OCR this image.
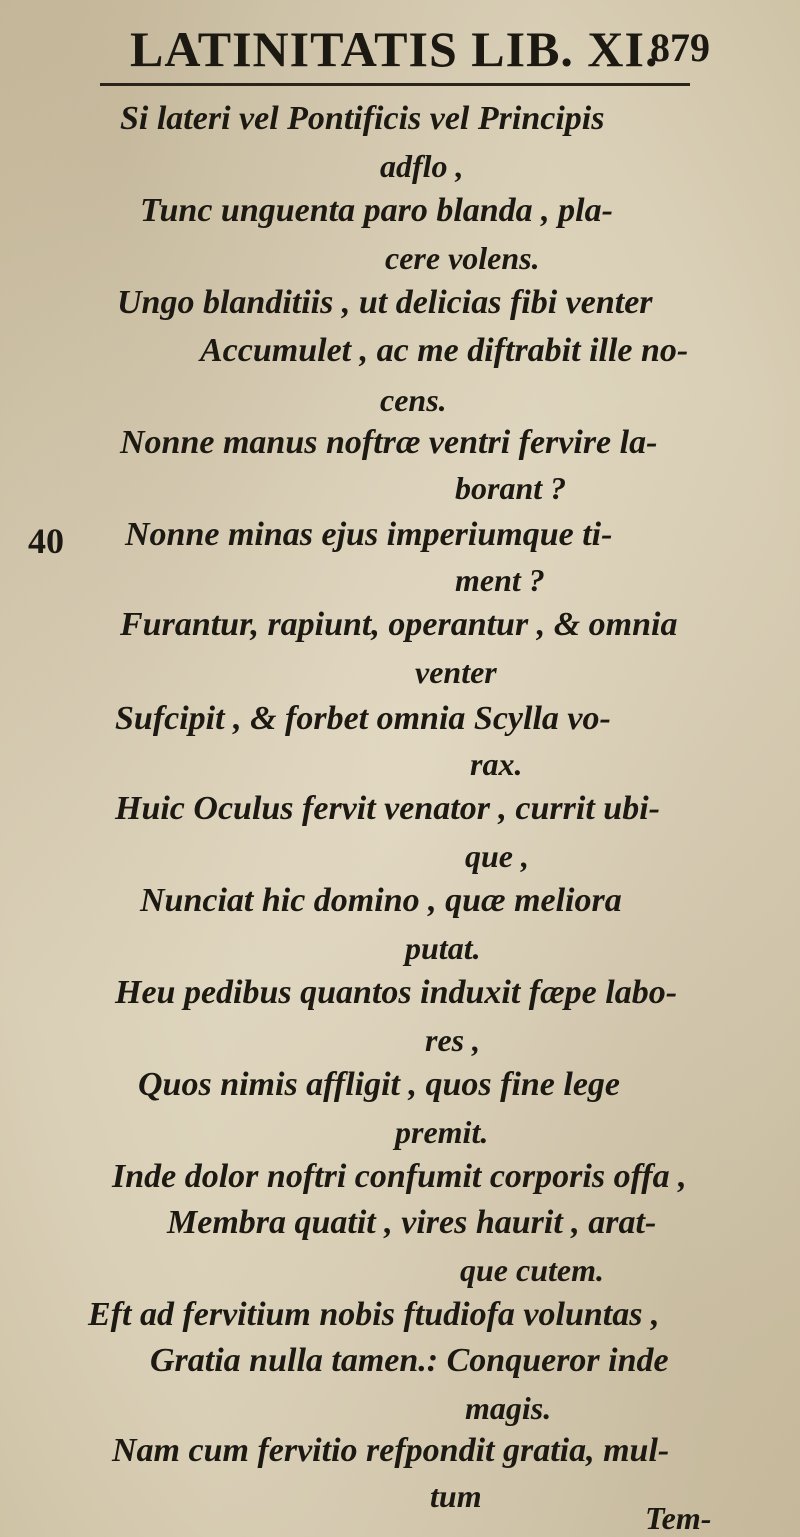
LATINITATIS LIB. XI.
879
40
Si lateri vel Pontificis vel Principis
adflo ,
Tunc unguenta paro blanda , pla-
cere volens.
Ungo blanditiis , ut delicias fibi venter
Accumulet , ac me diftrabit ille no-
cens.
Nonne manus noftræ ventri fervire la-
borant ?
Nonne minas ejus imperiumque ti-
ment ?
Furantur, rapiunt, operantur , & omnia
venter
Sufcipit , & forbet omnia Scylla vo-
rax.
Huic Oculus fervit venator , currit ubi-
que ,
Nunciat hic domino , quæ meliora
putat.
Heu pedibus quantos induxit fæpe labo-
res ,
Quos nimis affligit , quos fine lege
premit.
Inde dolor noftri confumit corporis offa ,
Membra quatit , vires haurit , arat-
que cutem.
Eft ad fervitium nobis ftudiofa voluntas ,
Gratia nulla tamen.: Conqueror inde
magis.
Nam cum fervitio refpondit gratia, mul-
tum
Tem-
